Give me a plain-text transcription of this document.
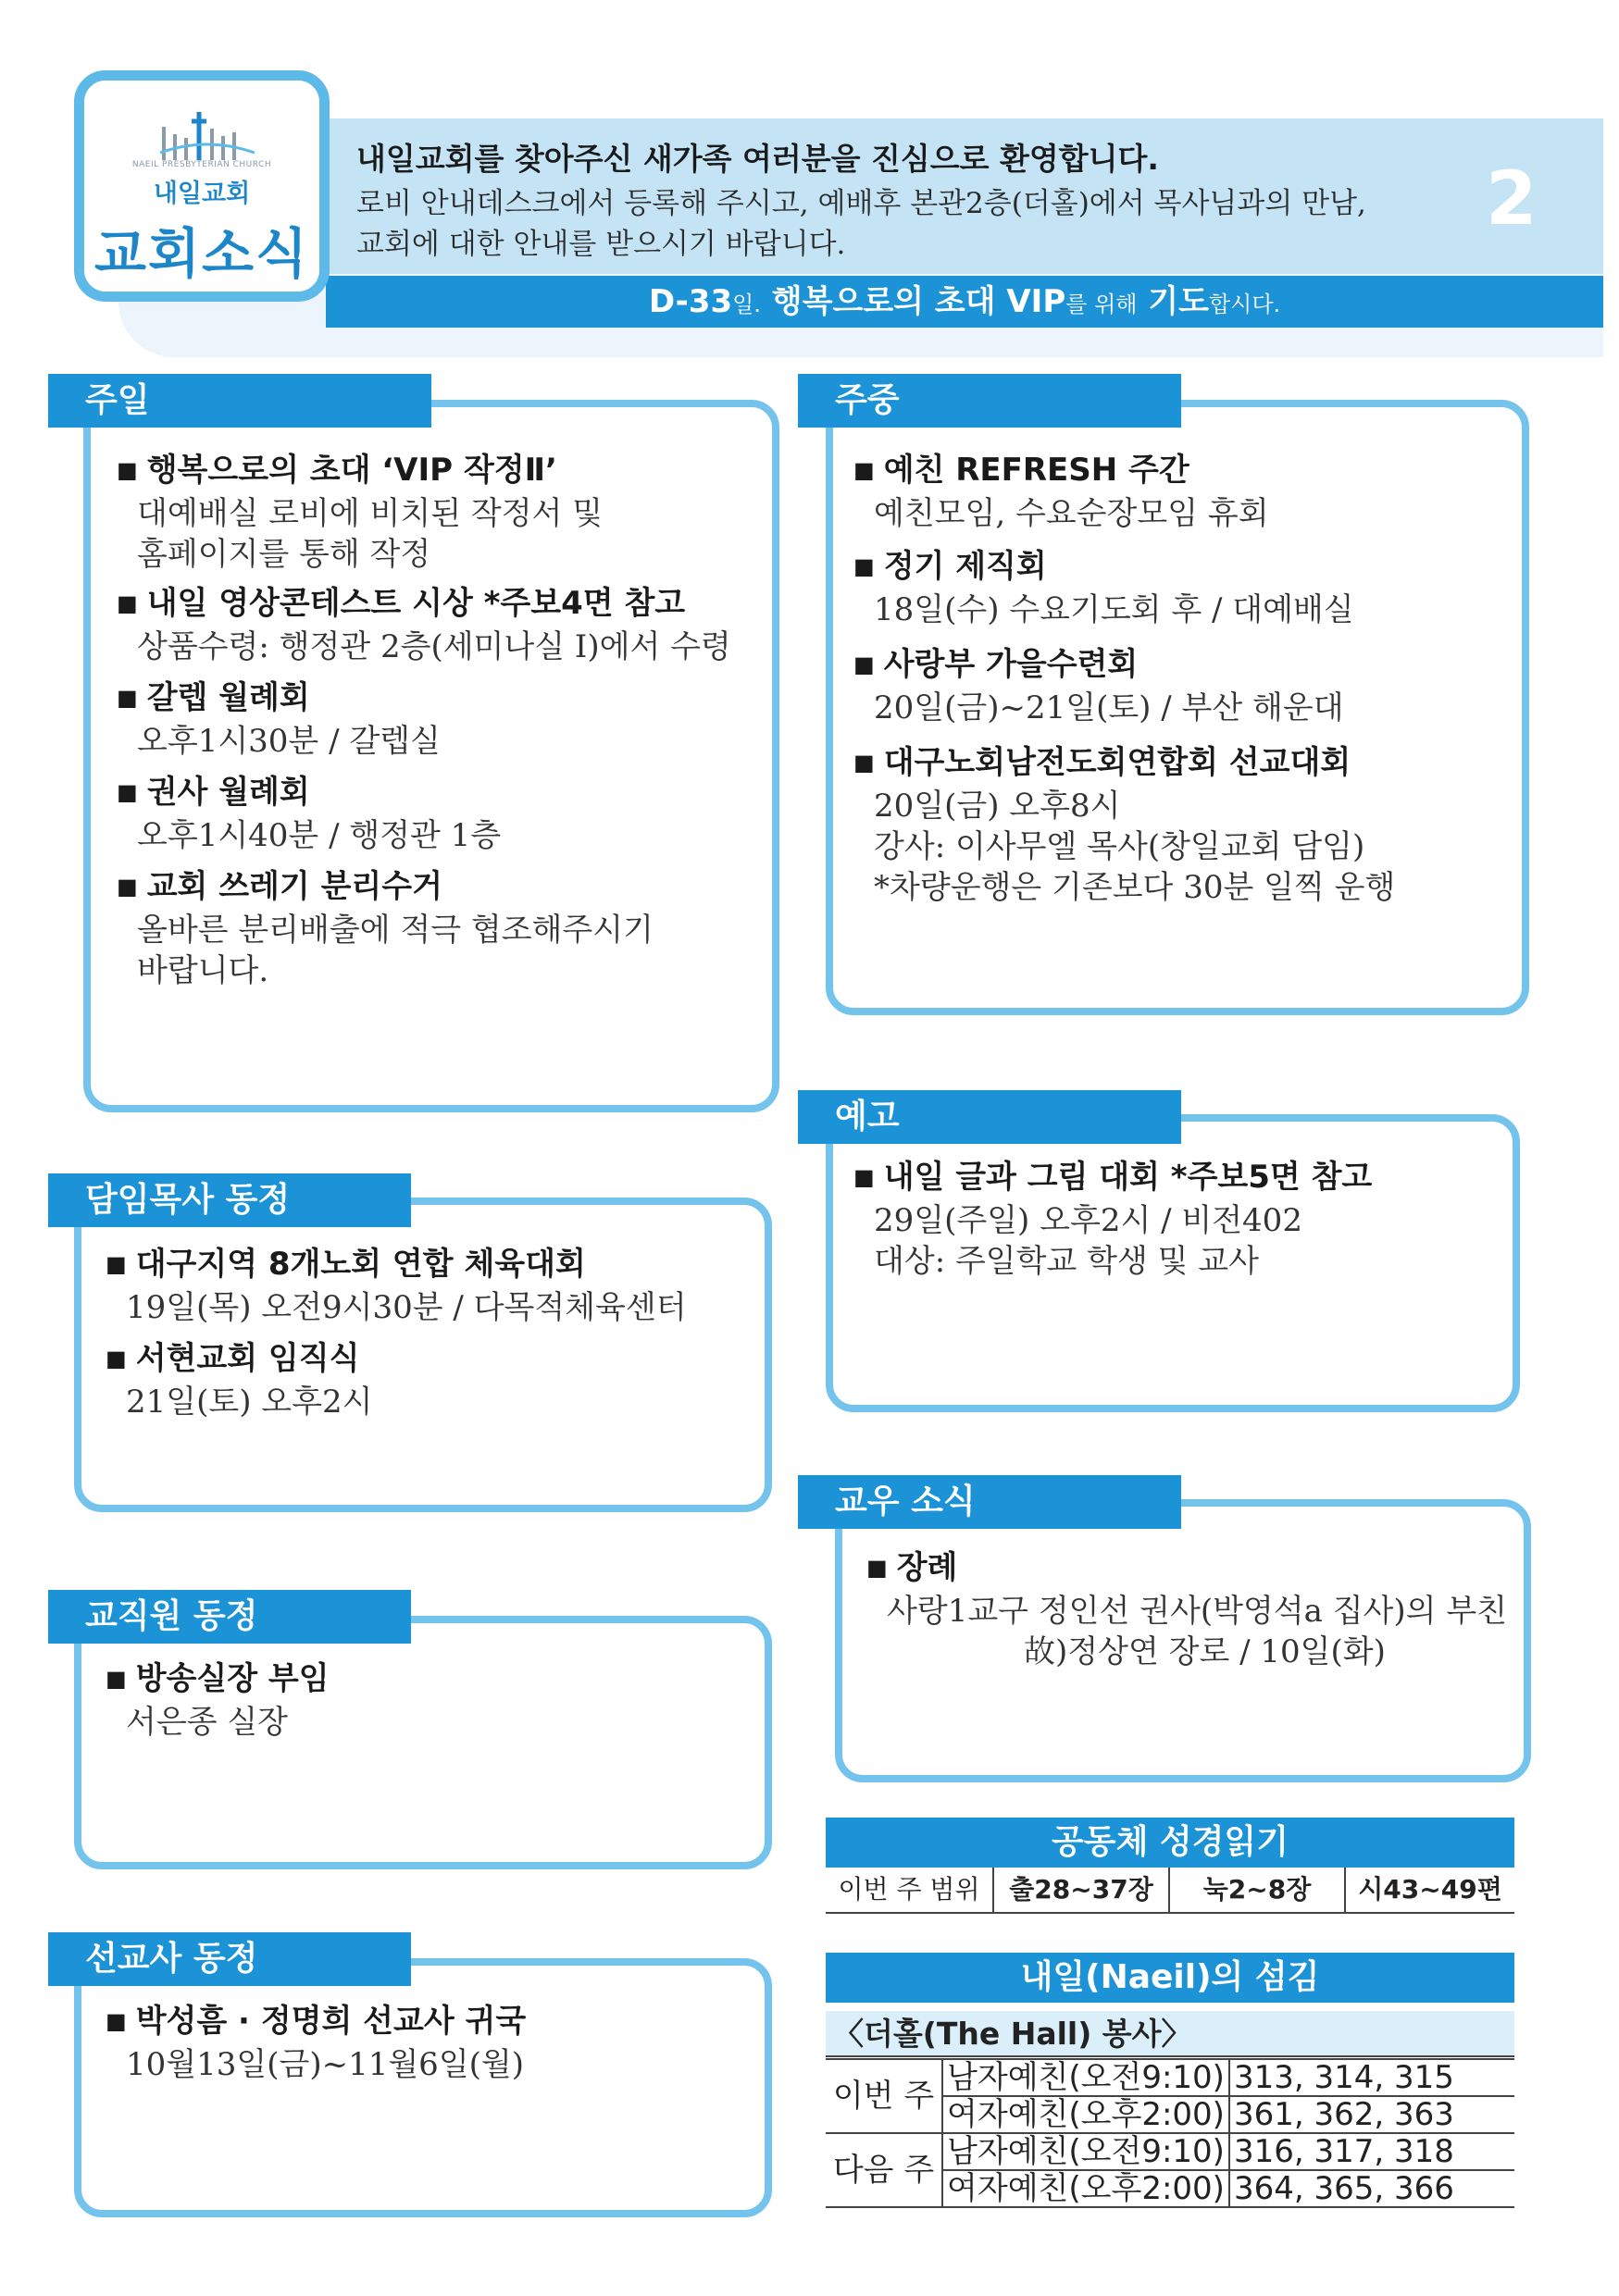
NAEIL PRESBYTERIAN CHURCH
내일교회
교회소식
내일교회를 찾아주신 새가족 여러분을 진심으로 환영합니다.
로비 안내데스크에서 등록해 주시고, 예배후 본관2층(더홀)에서 목사님과의 만남,
교회에 대한 안내를 받으시기 바랍니다.
2
D-33일. 행복으로의 초대 VIP를 위해 기도합시다.
주일
■ 행복으로의 초대 ‘VIP 작정Ⅱ’
대예배실 로비에 비치된 작정서 및
홈페이지를 통해 작정
■ 내일 영상콘테스트 시상 *주보4면 참고
상품수령: 행정관 2층(세미나실 I)에서 수령
■ 갈렙 월례회
오후1시30분 / 갈렙실
■ 권사 월례회
오후1시40분 / 행정관 1층
■ 교회 쓰레기 분리수거
올바른 분리배출에 적극 협조해주시기
바랍니다.
주중
■ 예친 REFRESH 주간
예친모임, 수요순장모임 휴회
■ 정기 제직회
18일(수) 수요기도회 후 / 대예배실
■ 사랑부 가을수련회
20일(금)~21일(토) / 부산 해운대
■ 대구노회남전도회연합회 선교대회
20일(금) 오후8시
강사: 이사무엘 목사(창일교회 담임)
*차량운행은 기존보다 30분 일찍 운행
예고
■ 내일 글과 그림 대회 *주보5면 참고
29일(주일) 오후2시 / 비전402
대상: 주일학교 학생 및 교사
담임목사 동정
■ 대구지역 8개노회 연합 체육대회
19일(목) 오전9시30분 / 다목적체육센터
■ 서현교회 임직식
21일(토) 오후2시
교우 소식
■ 장례
사랑1교구 정인선 권사(박영석a 집사)의 부친
故)정상연 장로 / 10일(화)
교직원 동정
■ 방송실장 부임
서은종 실장
선교사 동정
■ 박성흠 · 정명희 선교사 귀국
10월13일(금)~11월6일(월)
공동체 성경읽기
이번 주 범위	출28~37장	눅2~8장	시43~49편
내일(Naeil)의 섬김
〈더홀(The Hall) 봉사〉
이번 주	남자예친(오전9:10)	313, 314, 315
	여자예친(오후2:00)	361, 362, 363
다음 주	남자예친(오전9:10)	316, 317, 318
	여자예친(오후2:00)	364, 365, 366
